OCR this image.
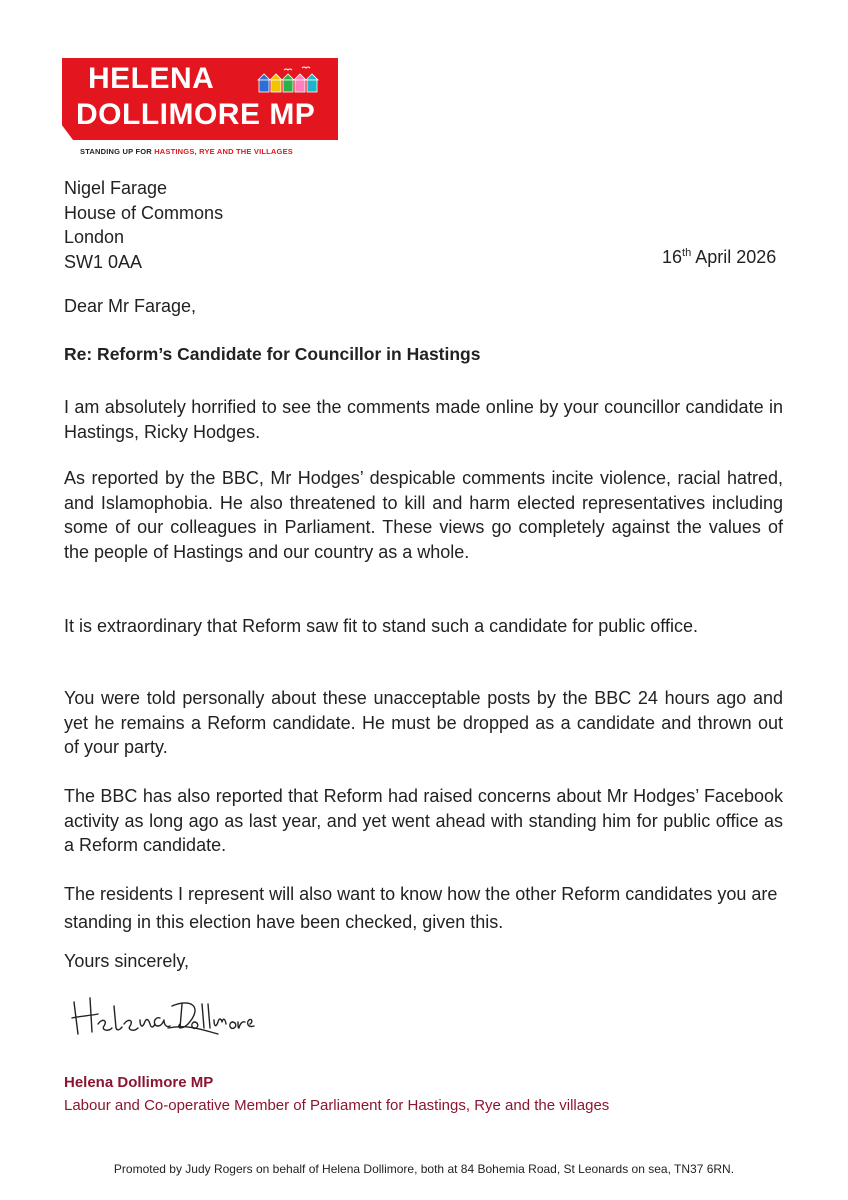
HELENA
DOLLIMORE MP
STANDING UP FOR HASTINGS, RYE AND THE VILLAGES
Nigel Farage
House of Commons
London
SW1 0AA	16th April 2026
Dear Mr Farage,
Re: Reform’s Candidate for Councillor in Hastings
I am absolutely horrified to see the comments made online by your councillor candidate in Hastings, Ricky Hodges.
As reported by the BBC, Mr Hodges’ despicable comments incite violence, racial hatred, and Islamophobia. He also threatened to kill and harm elected representatives including some of our colleagues in Parliament. These views go completely against the values of the people of Hastings and our country as a whole.
It is extraordinary that Reform saw fit to stand such a candidate for public office.
You were told personally about these unacceptable posts by the BBC 24 hours ago and yet he remains a Reform candidate. He must be dropped as a candidate and thrown out of your party.
The BBC has also reported that Reform had raised concerns about Mr Hodges’ Facebook activity as long ago as last year, and yet went ahead with standing him for public office as a Reform candidate.
The residents I represent will also want to know how the other Reform candidates you are standing in this election have been checked, given this.
Yours sincerely,
Helena Dollimore MP
Labour and Co-operative Member of Parliament for Hastings, Rye and the villages
Promoted by Judy Rogers on behalf of Helena Dollimore, both at 84 Bohemia Road, St Leonards on sea, TN37 6RN.
